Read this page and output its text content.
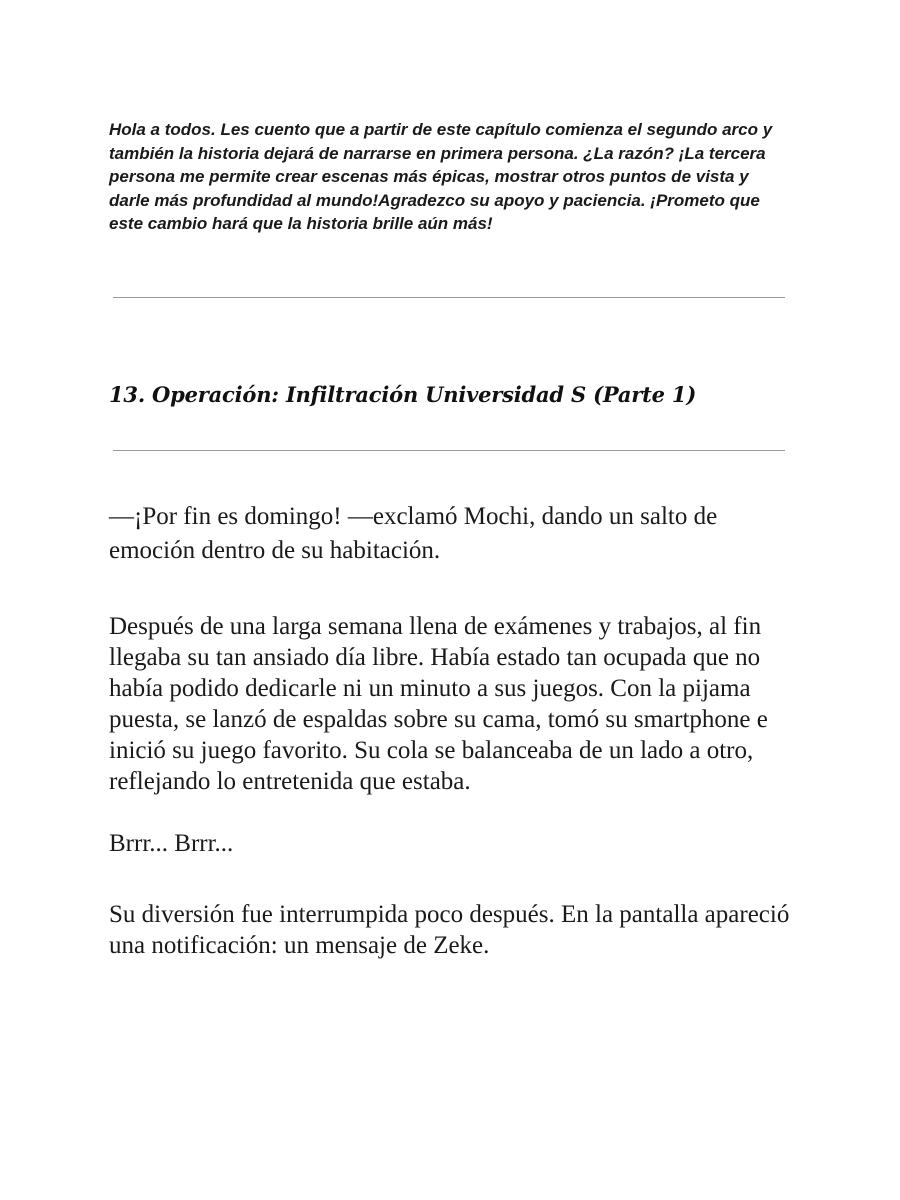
Hola a todos. Les cuento que a partir de este capítulo comienza el segundo arco y también la historia dejará de narrarse en primera persona. ¿La razón? ¡La tercera persona me permite crear escenas más épicas, mostrar otros puntos de vista y darle más profundidad al mundo!Agradezco su apoyo y paciencia. ¡Prometo que este cambio hará que la historia brille aún más!

13. Operación: Infiltración Universidad S (Parte 1)

—¡Por fin es domingo! —exclamó Mochi, dando un salto de emoción dentro de su habitación.

Después de una larga semana llena de exámenes y trabajos, al fin llegaba su tan ansiado día libre. Había estado tan ocupada que no había podido dedicarle ni un minuto a sus juegos. Con la pijama puesta, se lanzó de espaldas sobre su cama, tomó su smartphone e inició su juego favorito. Su cola se balanceaba de un lado a otro, reflejando lo entretenida que estaba.

Brrr... Brrr...

Su diversión fue interrumpida poco después. En la pantalla apareció una notificación: un mensaje de Zeke.
